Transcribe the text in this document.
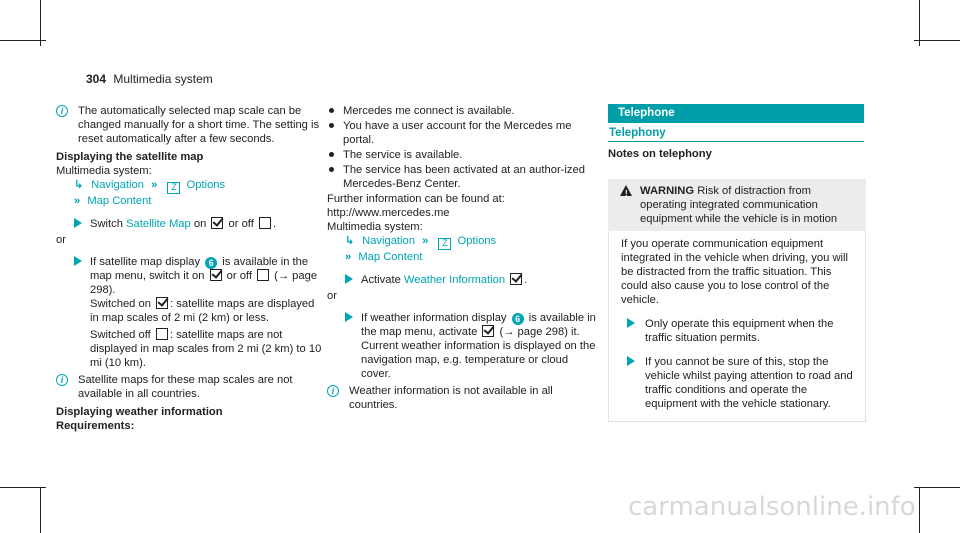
304 Multimedia system

i	The automatically selected map scale can be changed manually for a short time. The setting is reset automatically after a few seconds.

Displaying the satellite map

Multimedia system:

↳ Navigation » Z Options

» Map Content

Switch Satellite Map on or off .

or

If satellite map display 6 is available in the map menu, switch it on or off (→ page 298).

Switched on : satellite maps are displayed in map scales of 2 mi (2 km) or less.

Switched off : satellite maps are not displayed in map scales from 2 mi (2 km) to 10 mi (10 km).

i	Satellite maps for these map scales are not available in all countries.

Displaying weather information

Requirements:

Mercedes me connect is available.
You have a user account for the Mercedes me portal.
The service is available.
The service has been activated at an author-ized Mercedes-Benz Center.

Further information can be found at: http://www.mercedes.me

Multimedia system:

↳ Navigation » Z Options

» Map Content

Activate Weather Information .

or

If weather information display 6 is available in the map menu, activate (→ page 298) it.

Current weather information is displayed on the navigation map, e.g. temperature or cloud cover.

i	Weather information is not available in all countries.

Telephone
Telephony

Notes on telephony

!	WARNING Risk of distraction from operating integrated communication equipment while the vehicle is in motion

If you operate communication equipment integrated in the vehicle when driving, you will be distracted from the traffic situation. This could also cause you to lose control of the vehicle.

Only operate this equipment when the traffic situation permits.

If you cannot be sure of this, stop the vehicle whilst paying attention to road and traffic conditions and operate the equipment with the vehicle stationary.

carmanualsonline.info
